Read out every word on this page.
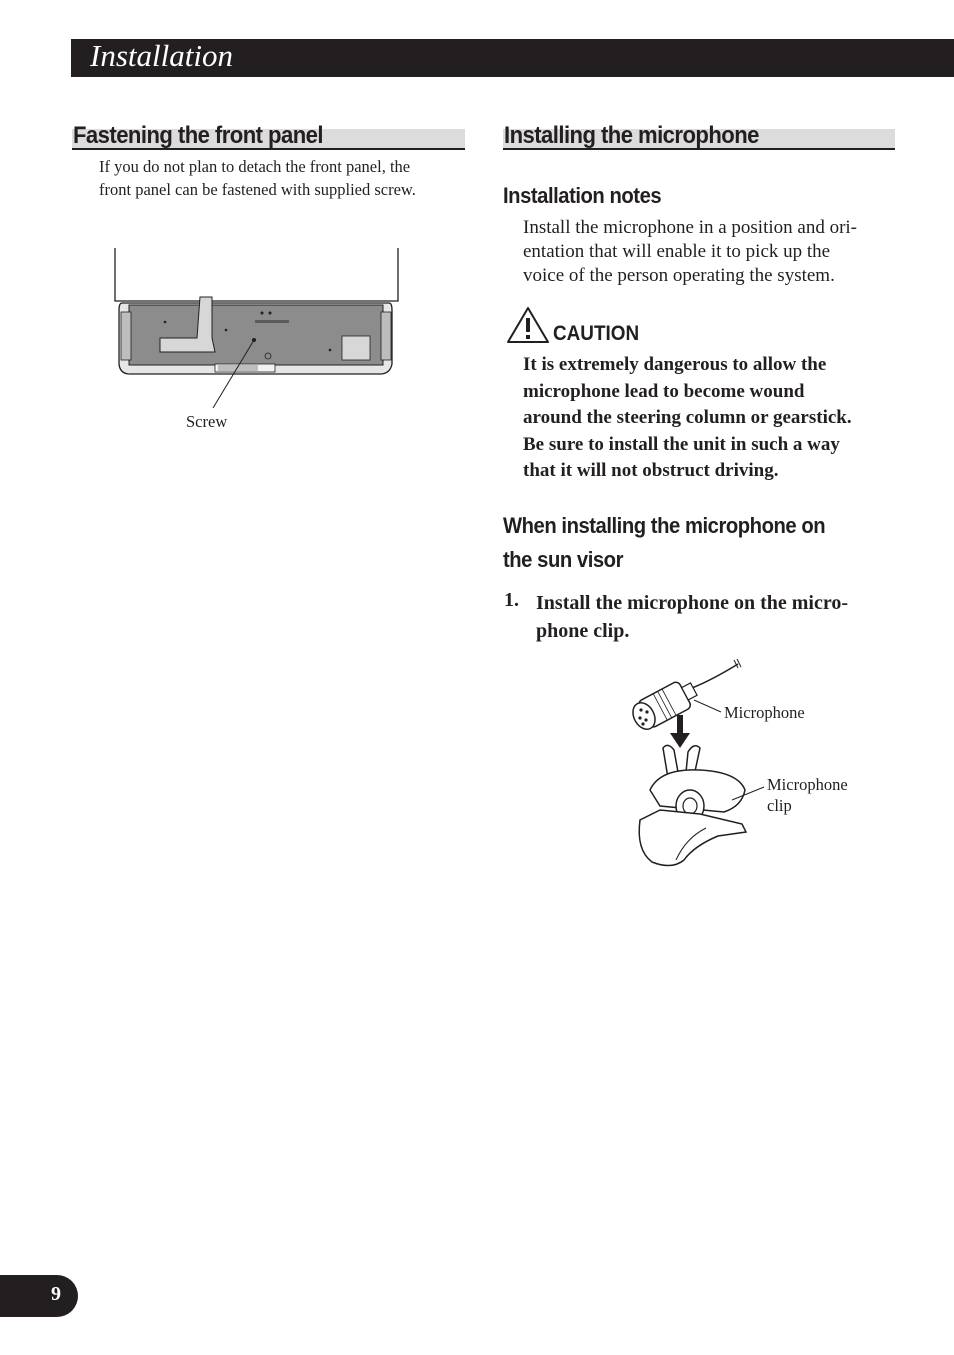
Installation
Fastening the front panel
If you do not plan to detach the front panel, the
front panel can be fastened with supplied screw.
Screw
Installing the microphone
Installation notes
Install the microphone in a position and ori-
entation that will enable it to pick up the
voice of the person operating the system.
CAUTION
It is extremely dangerous to allow the
microphone lead to become wound
around the steering column or gearstick.
Be sure to install the unit in such a way
that it will not obstruct driving.
When installing the microphone on
the sun visor
1. Install the microphone on the micro-phone clip.
Microphone
Microphone
clip
9
